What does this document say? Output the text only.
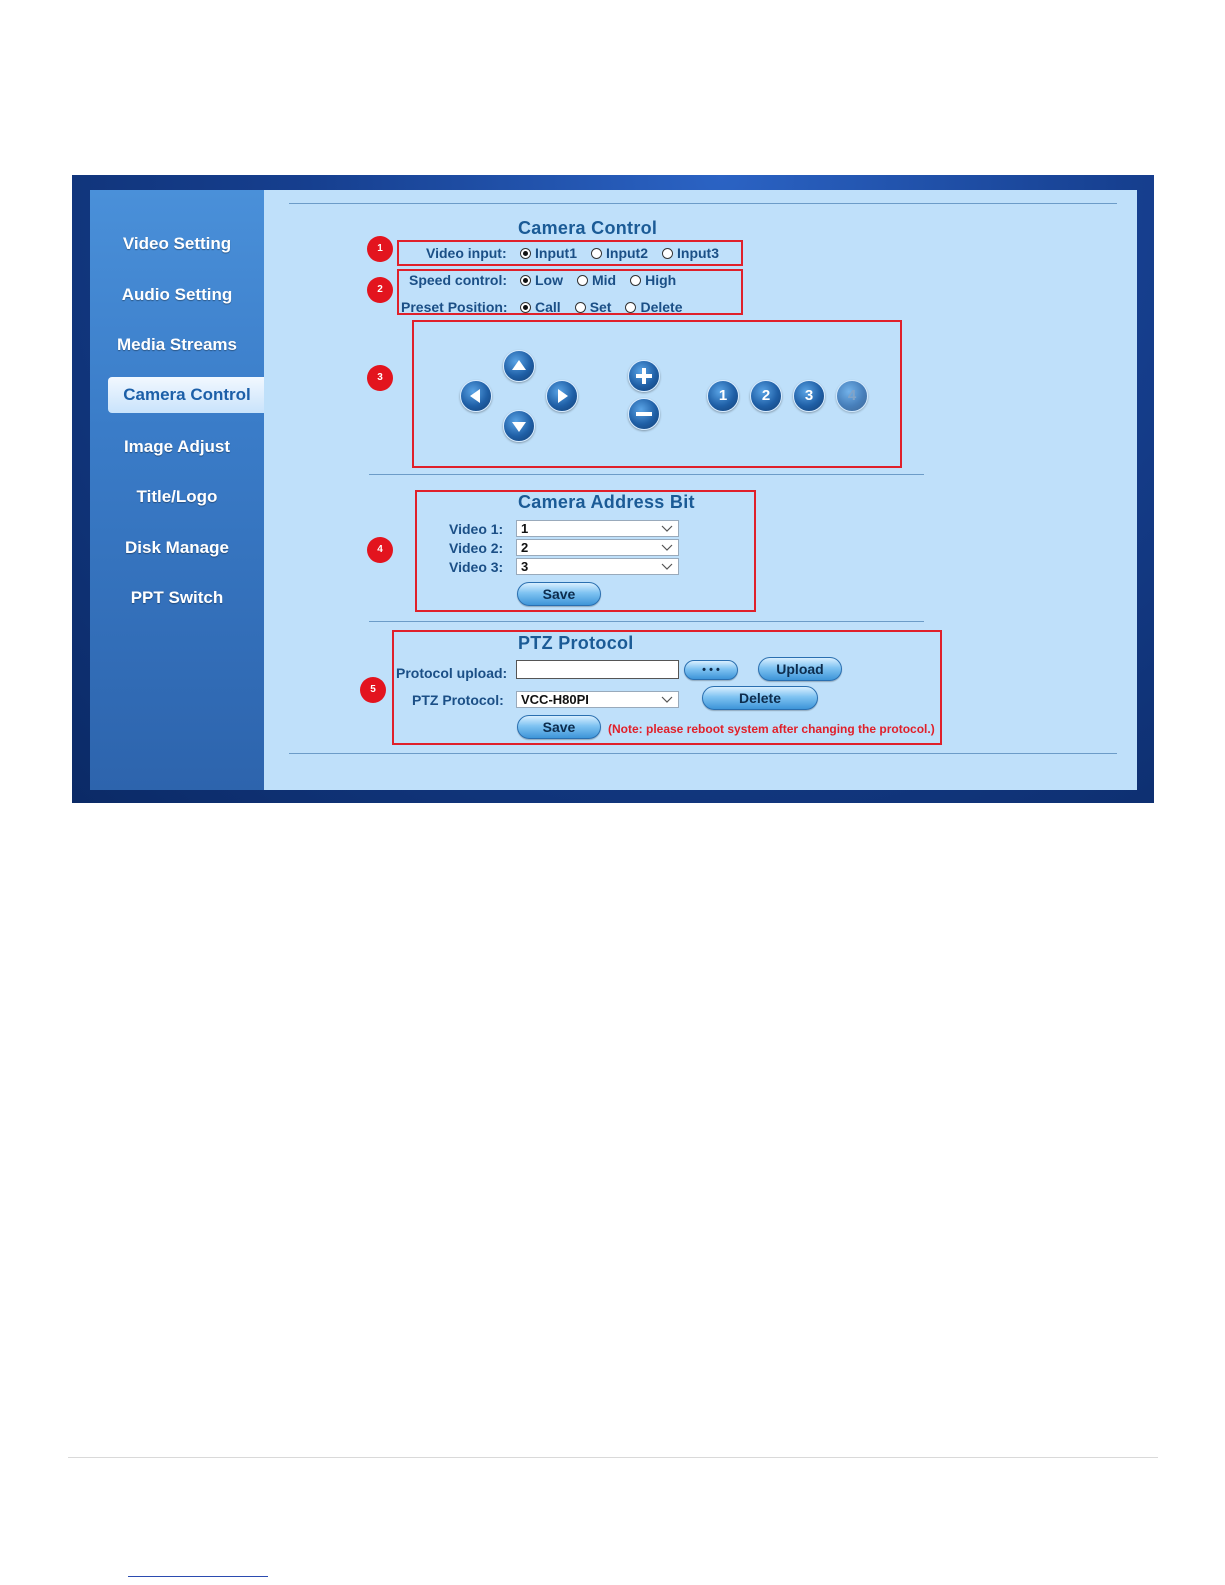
Video Setting
Audio Setting
Media Streams
Camera Control
Image Adjust
Title/Logo
Disk Manage
PPT Switch
Camera Control
1	Video input: Input1 Input2 Input3
2
Speed control: Low Mid High
Preset Position: Call Set Delete
3
1	2	3	4
4
Camera Address Bit
Video 1:	1
Video 2:	2
Video 3:	3
Save
5
PTZ Protocol
Protocol upload:	• • •	Upload
PTZ Protocol:	VCC-H80PI	Delete
Save	(Note: please reboot system after changing the protocol.)
